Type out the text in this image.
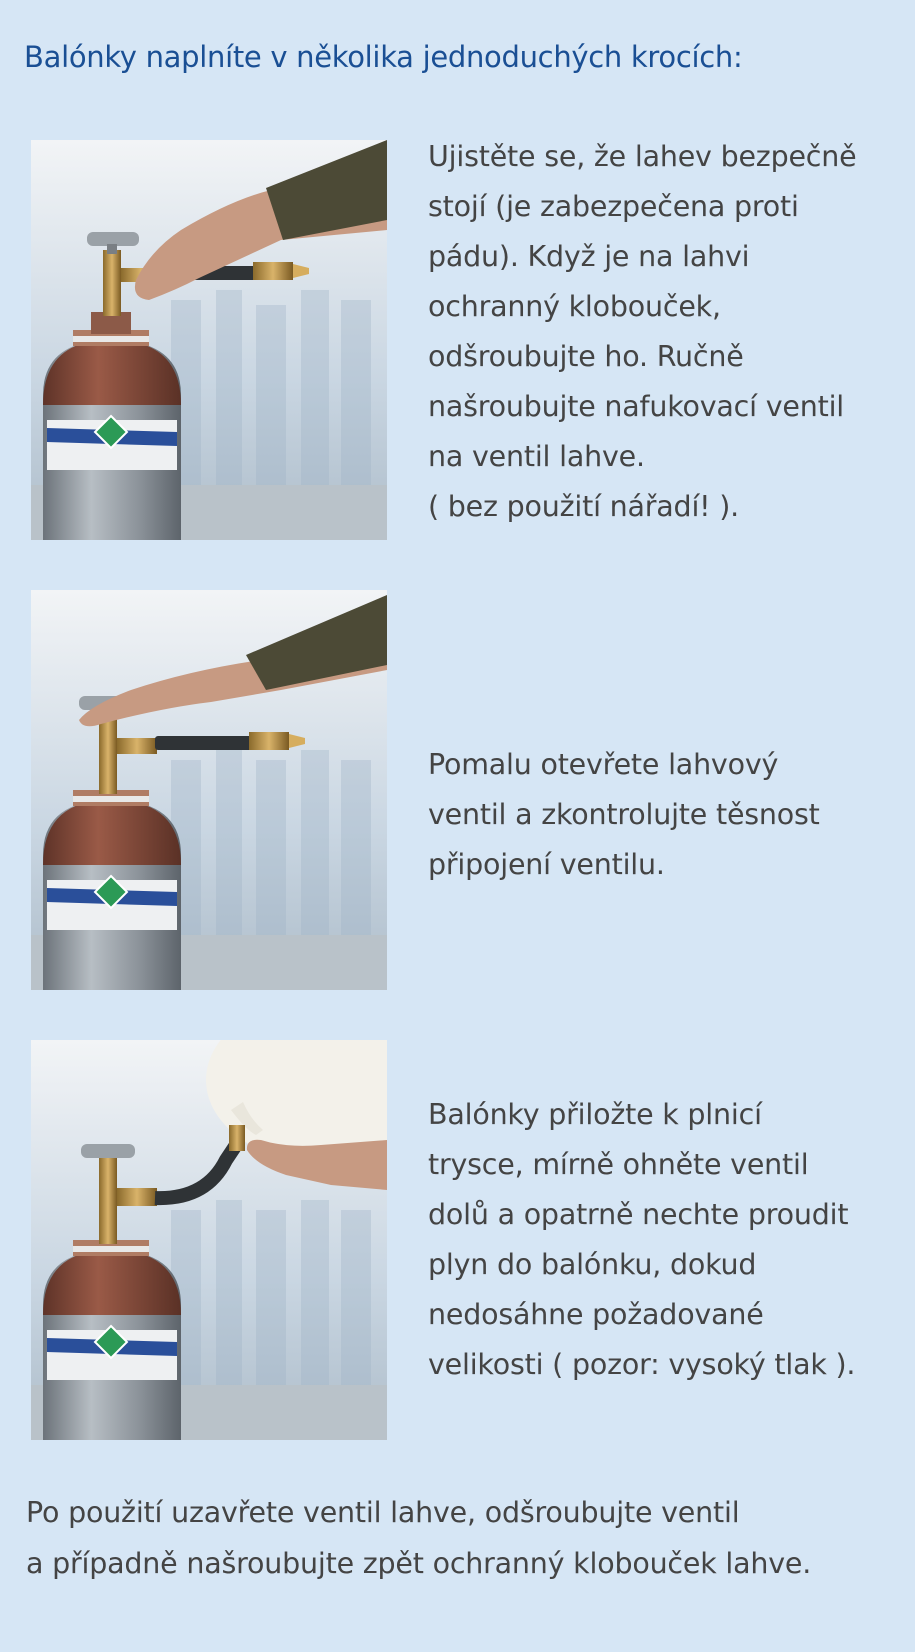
Balónky naplníte v několika jednoduchých krocích:
Ujistěte se, že lahev bezpečně
stojí (je zabezpečena proti
pádu). Když je na lahvi
ochranný klobouček,
odšroubujte ho. Ručně
našroubujte nafukovací ventil
na ventil lahve.
( bez použití nářadí! ).
Pomalu otevřete lahvový
ventil a zkontrolujte těsnost
připojení ventilu.
Balónky přiložte k plnicí
trysce, mírně ohněte ventil
dolů a opatrně nechte proudit
plyn do balónku, dokud
nedosáhne požadované
velikosti ( pozor: vysoký tlak ).
Po použití uzavřete ventil lahve, odšroubujte ventil
a případně našroubujte zpět ochranný klobouček lahve.
